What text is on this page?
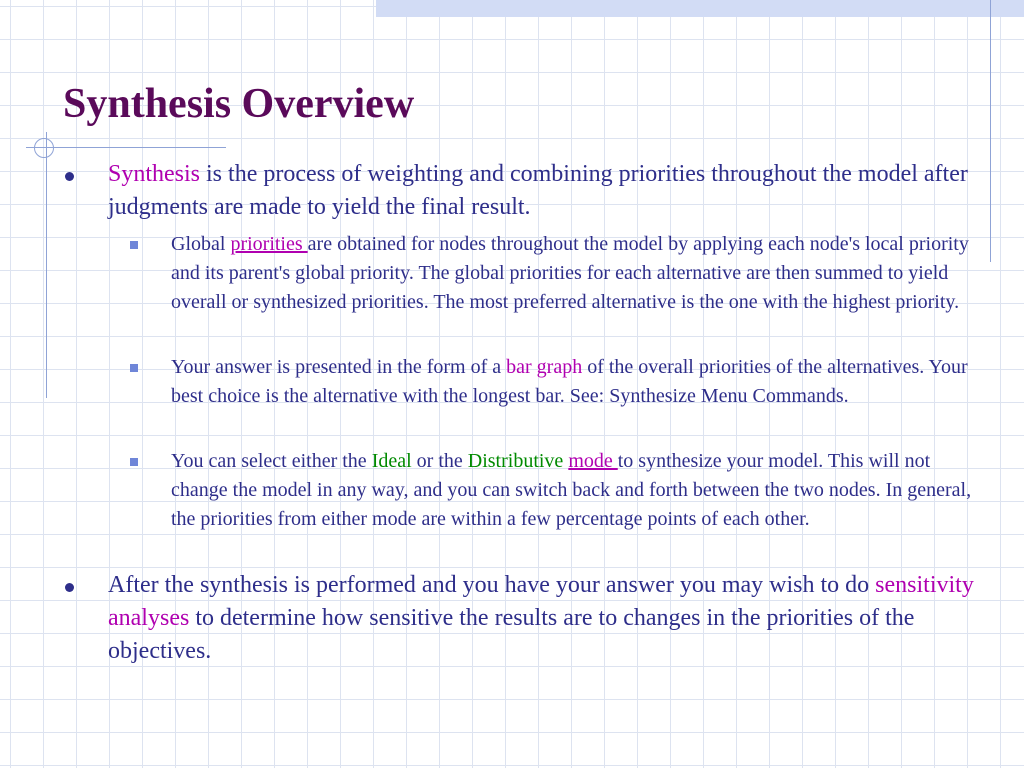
Synthesis Overview
Synthesis is the process of weighting and combining priorities throughout the model after judgments are made to yield the final result.
Global priorities are obtained for nodes throughout the model by applying each node's local priority and its parent's global priority. The global priorities for each alternative are then summed to yield overall or synthesized priorities. The most preferred alternative is the one with the highest priority.
Your answer is presented in the form of a bar graph of the overall priorities of the alternatives. Your best choice is the alternative with the longest bar. See: Synthesize Menu Commands.
You can select either the Ideal or the Distributive mode to synthesize your model. This will not change the model in any way, and you can switch back and forth between the two nodes. In general, the priorities from either mode are within a few percentage points of each other.
After the synthesis is performed and you have your answer you may wish to do sensitivity analyses to determine how sensitive the results are to changes in the priorities of the objectives.
